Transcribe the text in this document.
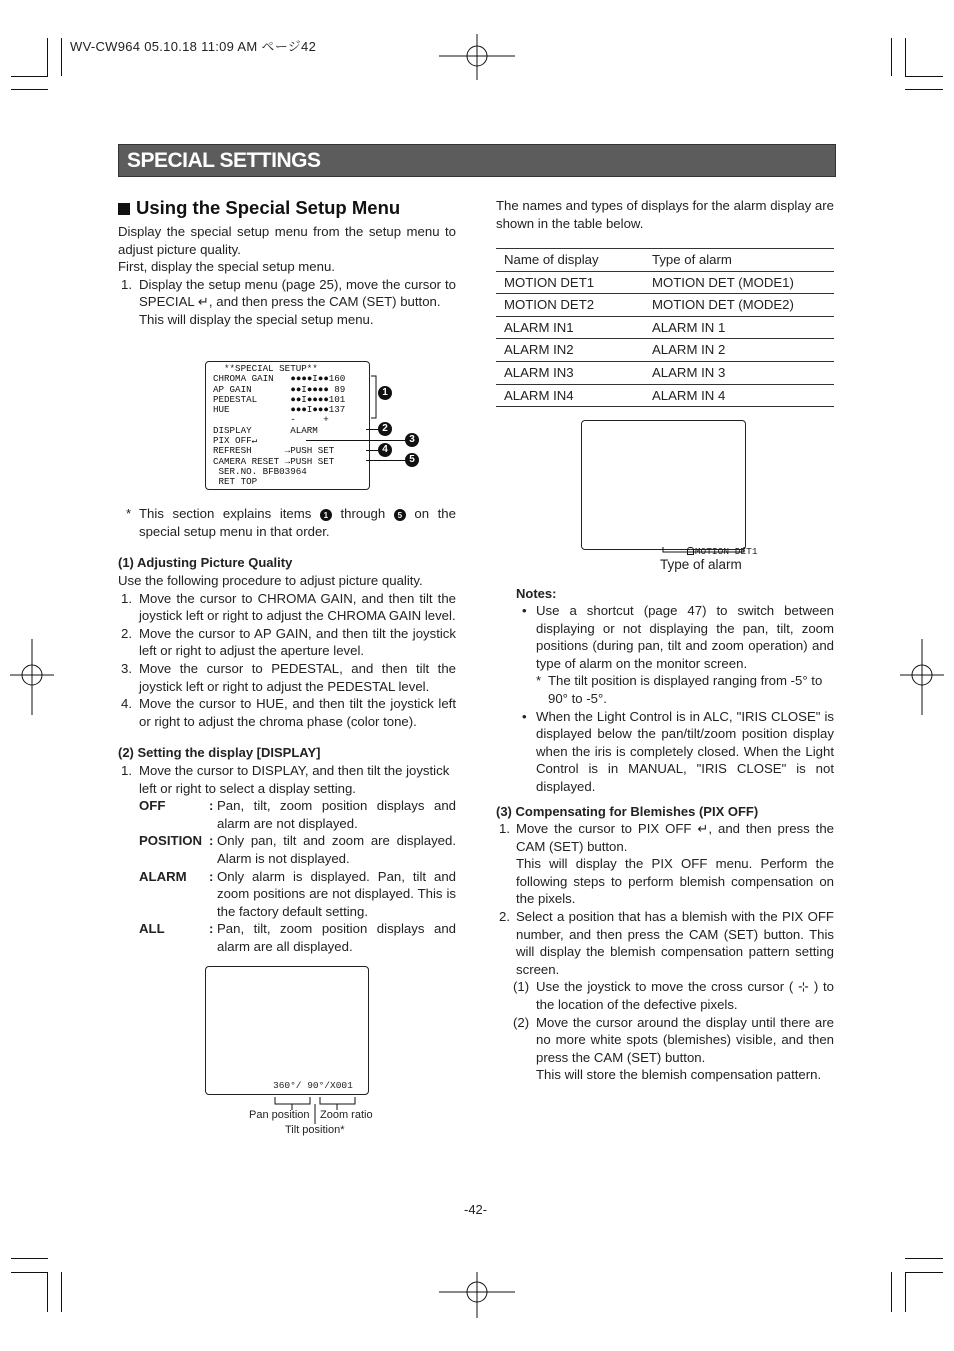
WV-CW964 05.10.18 11:09 AM ページ42
SPECIAL SETTINGS
Using the Special Setup Menu

Display the special setup menu from the setup menu to adjust picture quality.

First, display the special setup menu.

1. Display the setup menu (page 25), move the cursor to SPECIAL ↵, and then press the CAM (SET) button.

This will display the special setup menu.

**SPECIAL SETUP**
CHROMA GAIN   ●●●●I●●160
AP GAIN       ●●I●●●● 89
PEDESTAL      ●●I●●●●101
HUE           ●●●I●●●137
-     +
DISPLAY       ALARM
PIX OFF↵
REFRESH      →PUSH SET
CAMERA RESET →PUSH SET
SER.NO. BFB03964
RET TOP
1
2
3
4
5
* This section explains items 1 through 5 on the special setup menu in that order.

(1) Adjusting Picture Quality

Use the following procedure to adjust picture quality.

1. Move the cursor to CHROMA GAIN, and then tilt the joystick left or right to adjust the CHROMA GAIN level.

2. Move the cursor to AP GAIN, and then tilt the joystick left or right to adjust the aperture level.

3. Move the cursor to PEDESTAL, and then tilt the joystick left or right to adjust the PEDESTAL level.

4. Move the cursor to HUE, and then tilt the joystick left or right to adjust the chroma phase (color tone).

(2) Setting the display [DISPLAY]
1. Move the cursor to DISPLAY, and then tilt the joystick left or right to select a display setting.

OFF	: Pan, tilt, zoom position displays and alarm are not displayed.

POSITION : Only pan, tilt and zoom are displayed. Alarm is not displayed.

ALARM : Only alarm is displayed. Pan, tilt and zoom positions are not displayed. This is the factory default setting.

ALL	: Pan, tilt, zoom position displays and alarm are all displayed.

360°/ 90°/X001
Pan position Zoom ratio
Tilt position*

The names and types of displays for the alarm display are shown in the table below.

Name of display	Type of alarm
MOTION DET1	MOTION DET (MODE1)
MOTION DET2	MOTION DET (MODE2)
ALARM IN1	ALARM IN 1
ALARM IN2	ALARM IN 2
ALARM IN3	ALARM IN 3
ALARM IN4	ALARM IN 4

MOTION DET1

Type of alarm
Notes:
• Use a shortcut (page 47) to switch between displaying or not displaying the pan, tilt, zoom positions (during pan, tilt and zoom operation) and type of alarm on the monitor screen.

* The tilt position is displayed ranging from -5° to 90° to -5°.

• When the Light Control is in ALC, "IRIS CLOSE" is displayed below the pan/tilt/zoom position display when the iris is completely closed. When the Light Control is in MANUAL, "IRIS CLOSE" is not displayed.

(3) Compensating for Blemishes (PIX OFF)
1. Move the cursor to PIX OFF ↵, and then press the CAM (SET) button.

This will display the PIX OFF menu. Perform the following steps to perform blemish compensation on the pixels.

2. Select a position that has a blemish with the PIX OFF number, and then press the CAM (SET) button. This will display the blemish compensation pattern setting screen.

(1) Use the joystick to move the cross cursor ( ⊹ ) to the location of the defective pixels.

(2) Move the cursor around the display until there are no more white spots (blemishes) visible, and then press the CAM (SET) button.

This will store the blemish compensation pattern.

-42-
